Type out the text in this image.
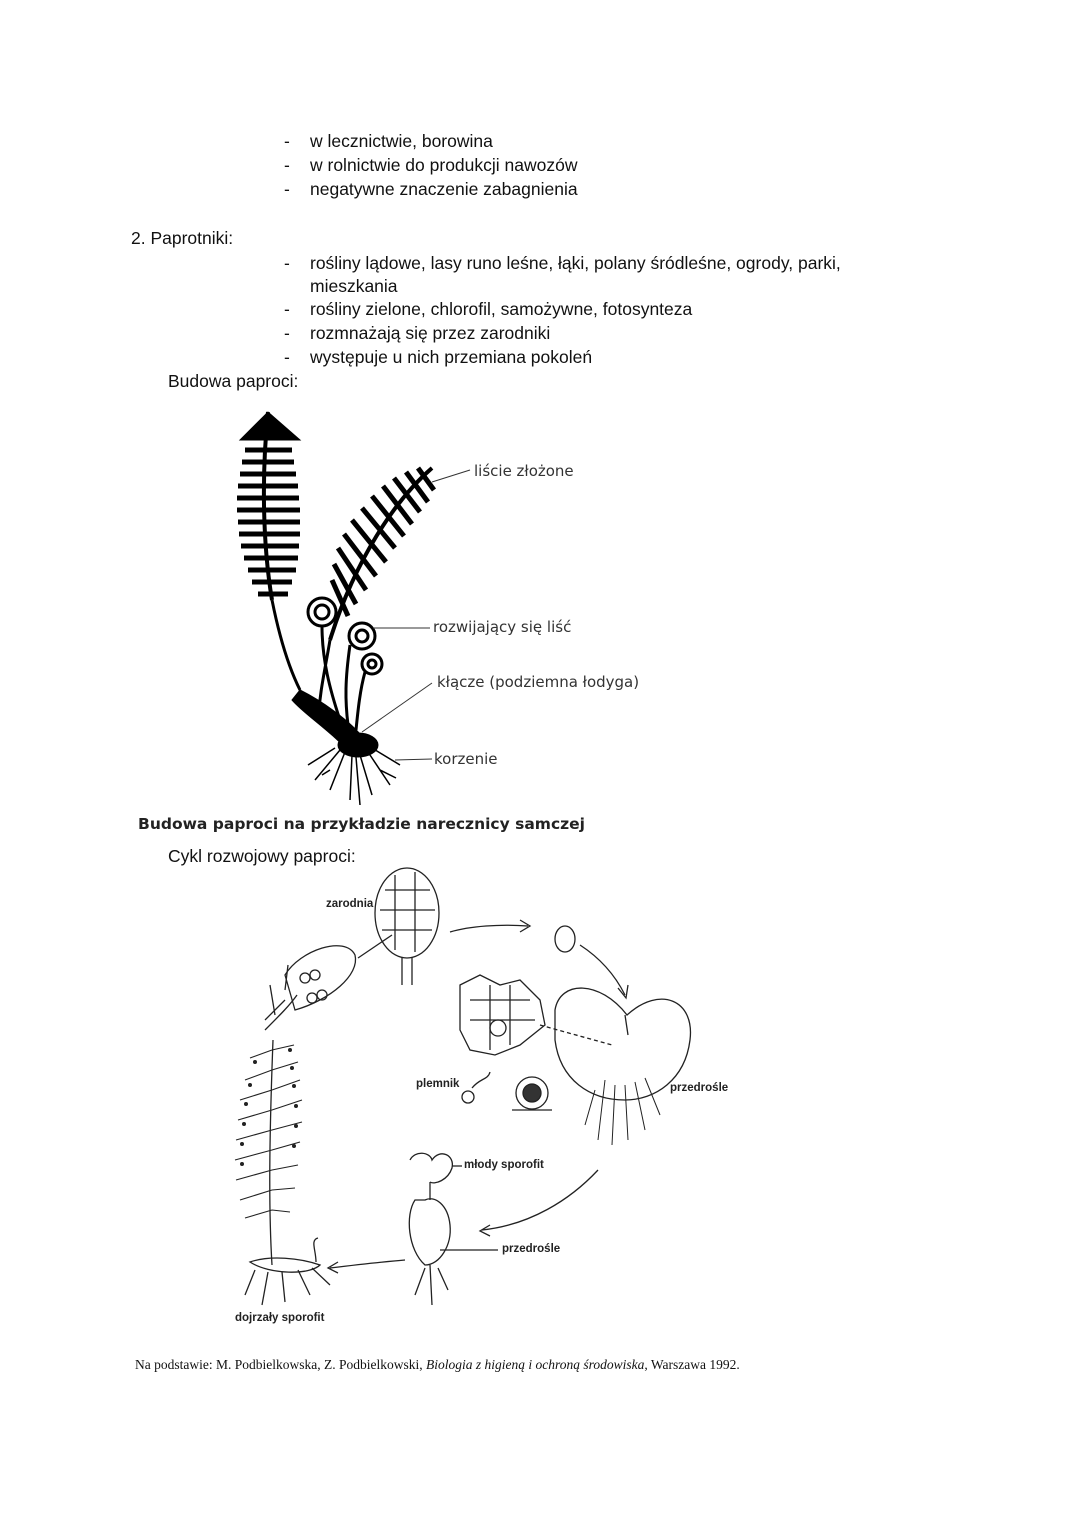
- w lecznictwie, borowina
- w rolnictwie do produkcji nawozów
- negatywne znaczenie zabagnienia
2. Paprotniki:
- rośliny lądowe, lasy runo leśne, łąki, polany śródleśne, ogrody, parki,
mieszkania
- rośliny zielone, chlorofil, samożywne, fotosynteza
- rozmnażają się przez zarodniki
- występuje u nich przemiana pokoleń
Budowa paproci:
liście złożone
rozwijający się liść
kłącze (podziemna łodyga)
korzenie
Budowa paproci na przykładzie narecznicy samczej
Cykl rozwojowy paproci:
zarodnia
plemnik	przedrośle
młody sporofit
przedrośle
dojrzały sporofit
Na podstawie: M. Podbielkowska, Z. Podbielkowski, Biologia z higieną i ochroną środowiska, Warszawa 1992.
